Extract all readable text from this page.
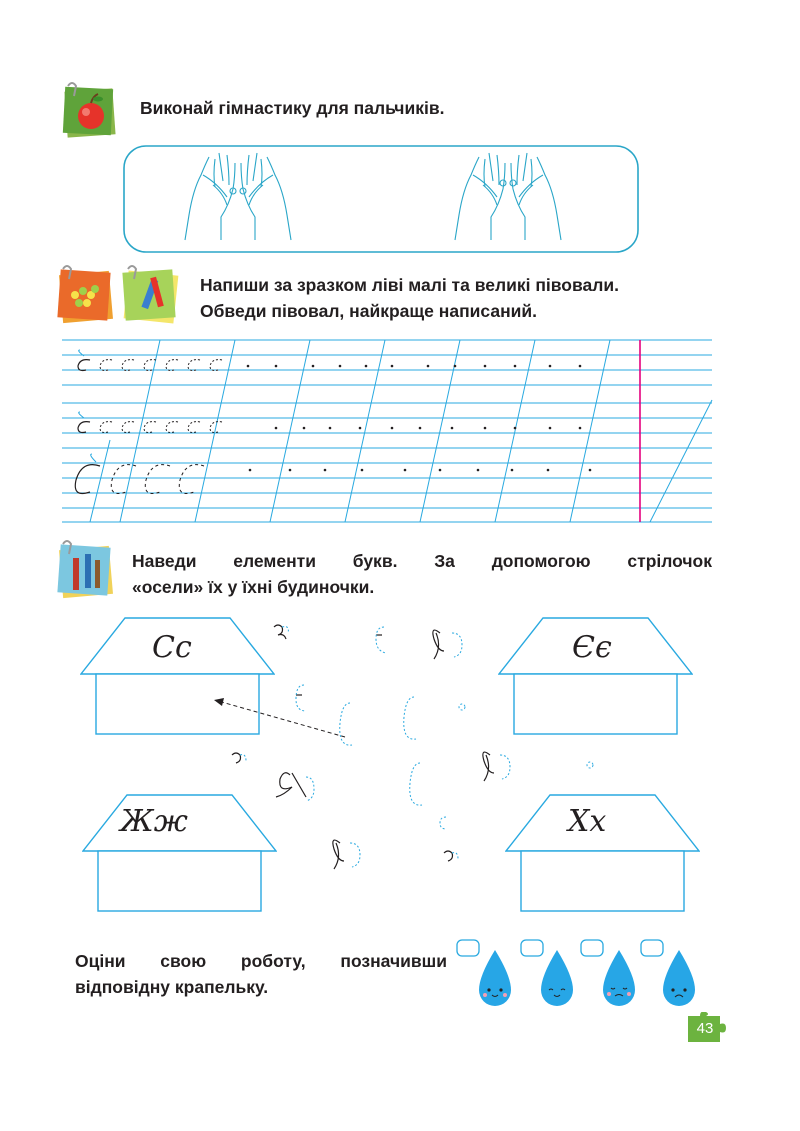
Виконай гімнастику для пальчиків.
Напиши за зразком ліві малі та великі півовали.
Обведи півовал, найкраще написаний.
Наведи елементи букв. За допомогою стрілочок
«осели» їх у їхні будиночки.
Сс	Єє
Жж	Хх
Оціни свою роботу, позначивши
відповідну крапельку.
43
